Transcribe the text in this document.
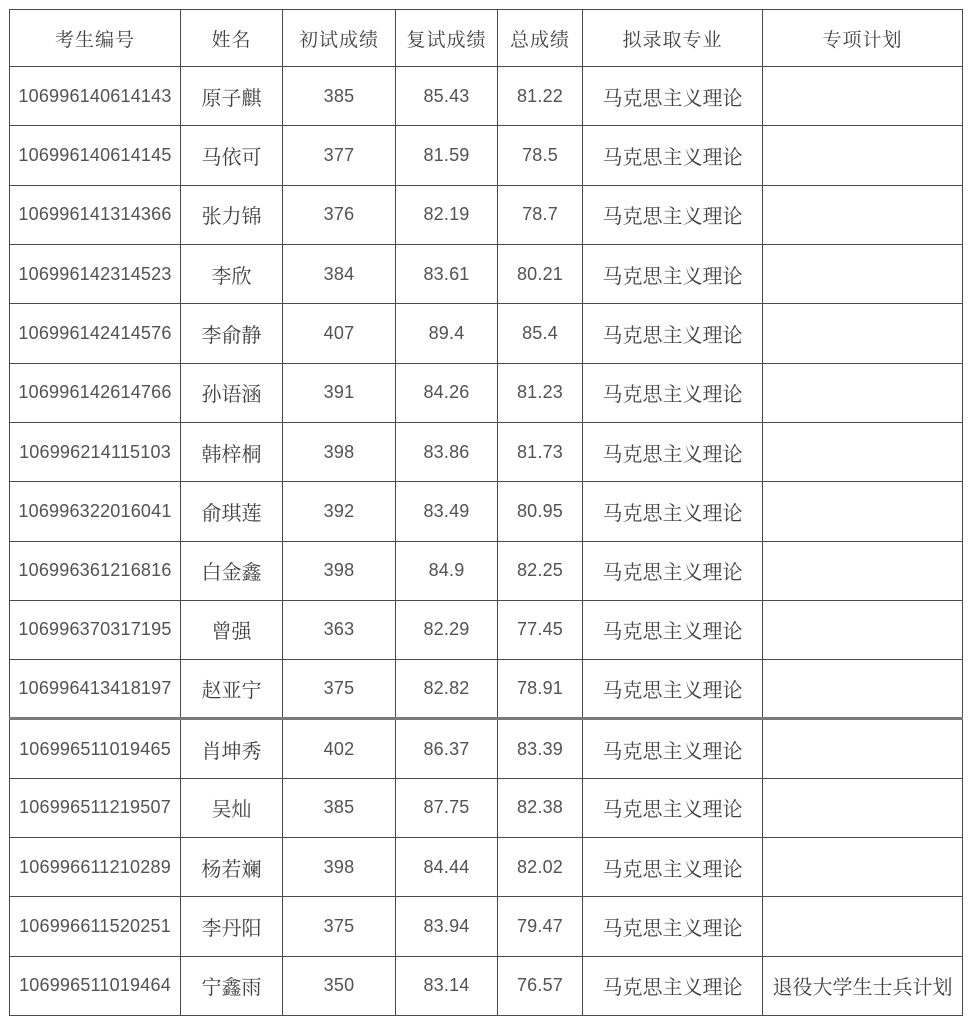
考生编号	姓名	初试成绩	复试成绩	总成绩	拟录取专业	专项计划
106996140614143	原子麒	385	85.43	81.22	马克思主义理论	
106996140614145	马依可	377	81.59	78.5	马克思主义理论	
106996141314366	张力锦	376	82.19	78.7	马克思主义理论	
106996142314523	李欣	384	83.61	80.21	马克思主义理论	
106996142414576	李俞静	407	89.4	85.4	马克思主义理论	
106996142614766	孙语涵	391	84.26	81.23	马克思主义理论	
106996214115103	韩梓桐	398	83.86	81.73	马克思主义理论	
106996322016041	俞琪莲	392	83.49	80.95	马克思主义理论	
106996361216816	白金鑫	398	84.9	82.25	马克思主义理论	
106996370317195	曾强	363	82.29	77.45	马克思主义理论	
106996413418197	赵亚宁	375	82.82	78.91	马克思主义理论	
106996511019465	肖坤秀	402	86.37	83.39	马克思主义理论	
106996511219507	吴灿	385	87.75	82.38	马克思主义理论	
106996611210289	杨若斓	398	84.44	82.02	马克思主义理论	
106996611520251	李丹阳	375	83.94	79.47	马克思主义理论	
106996511019464	宁鑫雨	350	83.14	76.57	马克思主义理论	退役大学生士兵计划
